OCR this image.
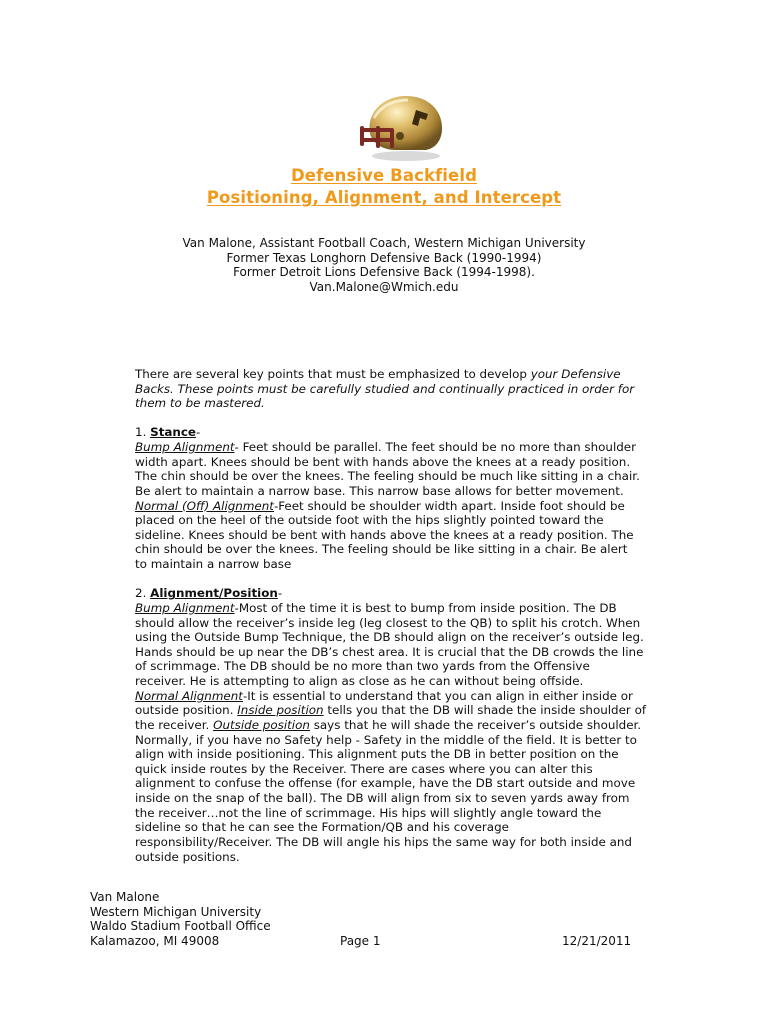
Defensive Backfield
Positioning, Alignment, and Intercept
Van Malone, Assistant Football Coach, Western Michigan University
Former Texas Longhorn Defensive Back (1990-1994)
Former Detroit Lions Defensive Back (1994-1998).
Van.Malone@Wmich.edu
There are several key points that must be emphasized to develop your Defensive
Backs. These points must be carefully studied and continually practiced in order for
them to be mastered.
1. Stance-
Bump Alignment- Feet should be parallel. The feet should be no more than shoulder
width apart. Knees should be bent with hands above the knees at a ready position.
The chin should be over the knees. The feeling should be much like sitting in a chair.
Be alert to maintain a narrow base. This narrow base allows for better movement.
Normal (Off) Alignment-Feet should be shoulder width apart. Inside foot should be
placed on the heel of the outside foot with the hips slightly pointed toward the
sideline. Knees should be bent with hands above the knees at a ready position. The
chin should be over the knees. The feeling should be like sitting in a chair. Be alert
to maintain a narrow base
2. Alignment/Position-
Bump Alignment-Most of the time it is best to bump from inside position. The DB
should allow the receiver’s inside leg (leg closest to the QB) to split his crotch. When
using the Outside Bump Technique, the DB should align on the receiver’s outside leg.
Hands should be up near the DB’s chest area. It is crucial that the DB crowds the line
of scrimmage. The DB should be no more than two yards from the Offensive
receiver. He is attempting to align as close as he can without being offside.
Normal Alignment-It is essential to understand that you can align in either inside or
outside position. Inside position tells you that the DB will shade the inside shoulder of
the receiver. Outside position says that he will shade the receiver’s outside shoulder.
Normally, if you have no Safety help - Safety in the middle of the field. It is better to
align with inside positioning. This alignment puts the DB in better position on the
quick inside routes by the Receiver. There are cases where you can alter this
alignment to confuse the offense (for example, have the DB start outside and move
inside on the snap of the ball). The DB will align from six to seven yards away from
the receiver…not the line of scrimmage. His hips will slightly angle toward the
sideline so that he can see the Formation/QB and his coverage
responsibility/Receiver. The DB will angle his hips the same way for both inside and
outside positions.
Van Malone
Western Michigan University
Waldo Stadium Football Office
Kalamazoo, MI 49008	Page 1	12/21/2011
